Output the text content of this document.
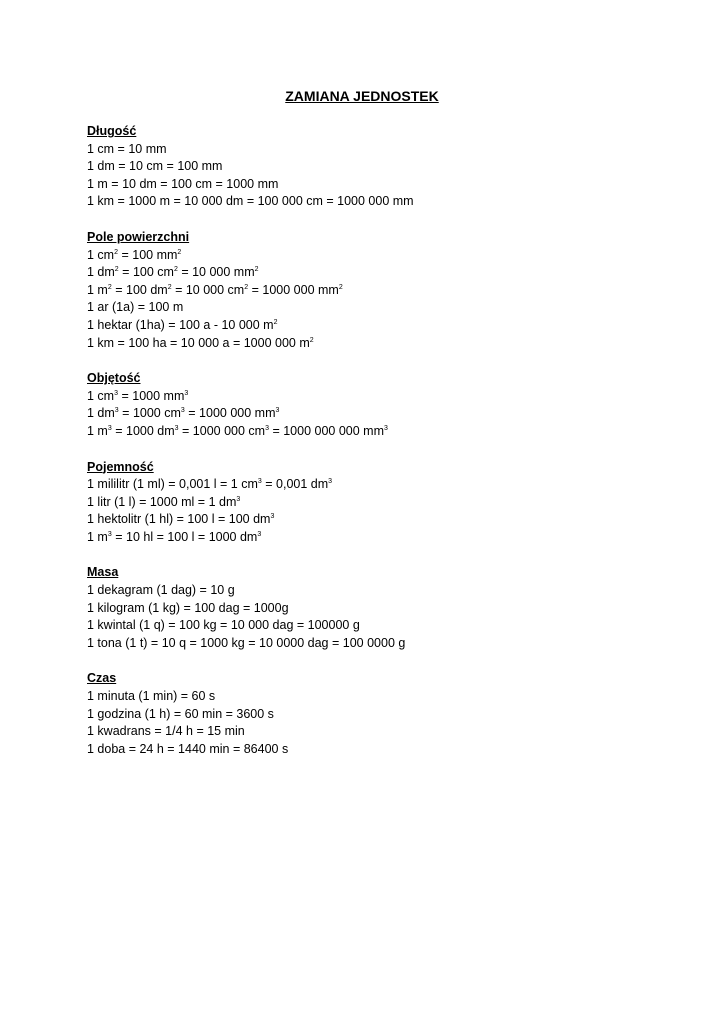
ZAMIANA JEDNOSTEK
Długość
1 cm = 10 mm
1 dm = 10 cm = 100 mm
1 m = 10 dm = 100 cm = 1000 mm
1 km = 1000 m = 10 000 dm = 100 000 cm = 1000 000 mm
Pole powierzchni
1 $cm^2 = 100$ $mm^2$
1 $dm^2 = 100$ $cm^2 = 10$ 000 $mm^2$
1 $m^2 = 100$ $dm^2 = 10$ 000 $cm^2 = 1000$ 000 $mm^2$
1 ar (1a) = 100 m
1 hektar (1ha) = 100 a - 10 000 $m^2$
1 km = 100 ha = 10 000 a = 1000 000 $m^2$
Objętość
1 $cm^3 = 1000$ $mm^3$
1 $dm^3 = 1000$ $cm^3 = 1000$ 000 $mm^3$
1 $m^3 = 1000$ $dm^3 = 1000$ 000 $cm^3 = 1000$ 000 000 $mm^3$
Pojemność
1 mililitr (1 ml) = 0,001 l = 1 $cm^3 = 0,001$ $dm^3$
1 litr (1 l) = 1000 ml = 1 $dm^3$
1 hektolitr (1 hl) = 100 l = 100 $dm^3$
1 $m^3 = 10$ hl = 100 l = 1000 $dm^3$
Masa
1 dekagram (1 dag) = 10 g
1 kilogram (1 kg) = 100 dag = 1000g
1 kwintal (1 q) = 100 kg = 10 000 dag = 100000 g
1 tona (1 t) = 10 q = 1000 kg = 10 0000 dag = 100 0000 g
Czas
1 minuta (1 min) = 60 s
1 godzina (1 h) = 60 min = 3600 s
1 kwadrans = 1/4 h = 15 min
1 doba = 24 h = 1440 min = 86400 s
